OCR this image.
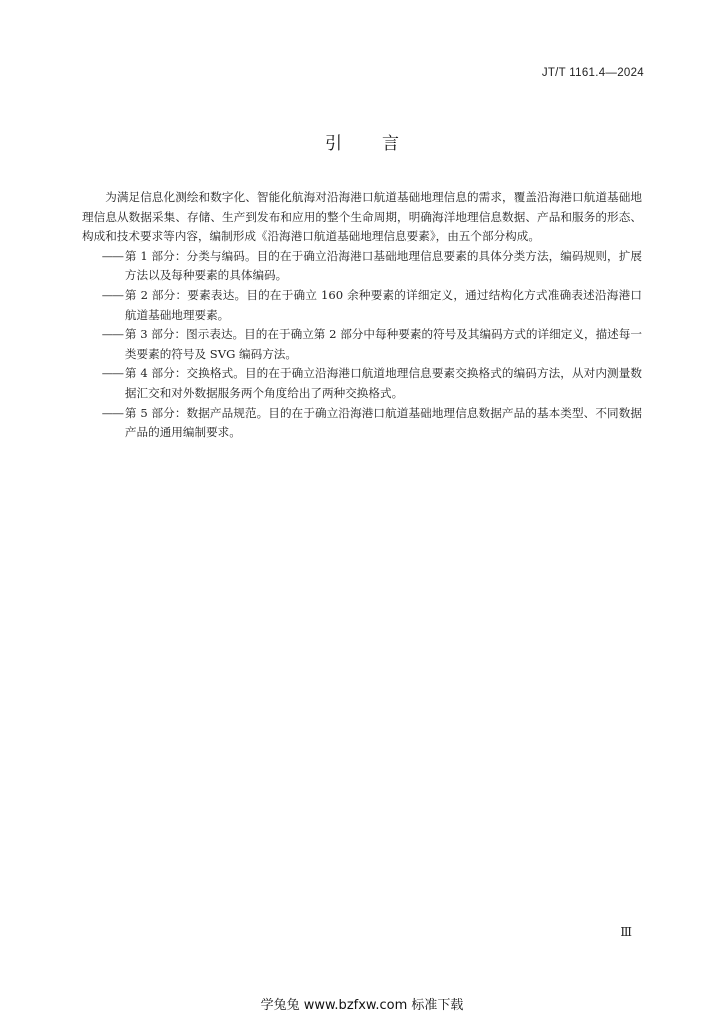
JT/T 1161.4—2024
引言

为满足信息化测绘和数字化、智能化航海对沿海港口航道基础地理信息的需求，覆盖沿海港口航道基础地理信息从数据采集、存储、生产到发布和应用的整个生命周期，明确海洋地理信息数据、产品和服务的形态、构成和技术要求等内容，编制形成《沿海港口航道基础地理信息要素》，由五个部分构成。

—— 第 1 部分：分类与编码。目的在于确立沿海港口基础地理信息要素的具体分类方法，编码规则，扩展方法以及每种要素的具体编码。
—— 第 2 部分：要素表达。目的在于确立 160 余种要素的详细定义，通过结构化方式准确表述沿海港口航道基础地理要素。
—— 第 3 部分：图示表达。目的在于确立第 2 部分中每种要素的符号及其编码方式的详细定义，描述每一类要素的符号及 SVG 编码方法。
—— 第 4 部分：交换格式。目的在于确立沿海港口航道地理信息要素交换格式的编码方法，从对内测量数据汇交和对外数据服务两个角度给出了两种交换格式。
—— 第 5 部分：数据产品规范。目的在于确立沿海港口航道基础地理信息数据产品的基本类型、不同数据产品的通用编制要求。
Ⅲ
学兔兔 www.bzfxw.com 标准下载
